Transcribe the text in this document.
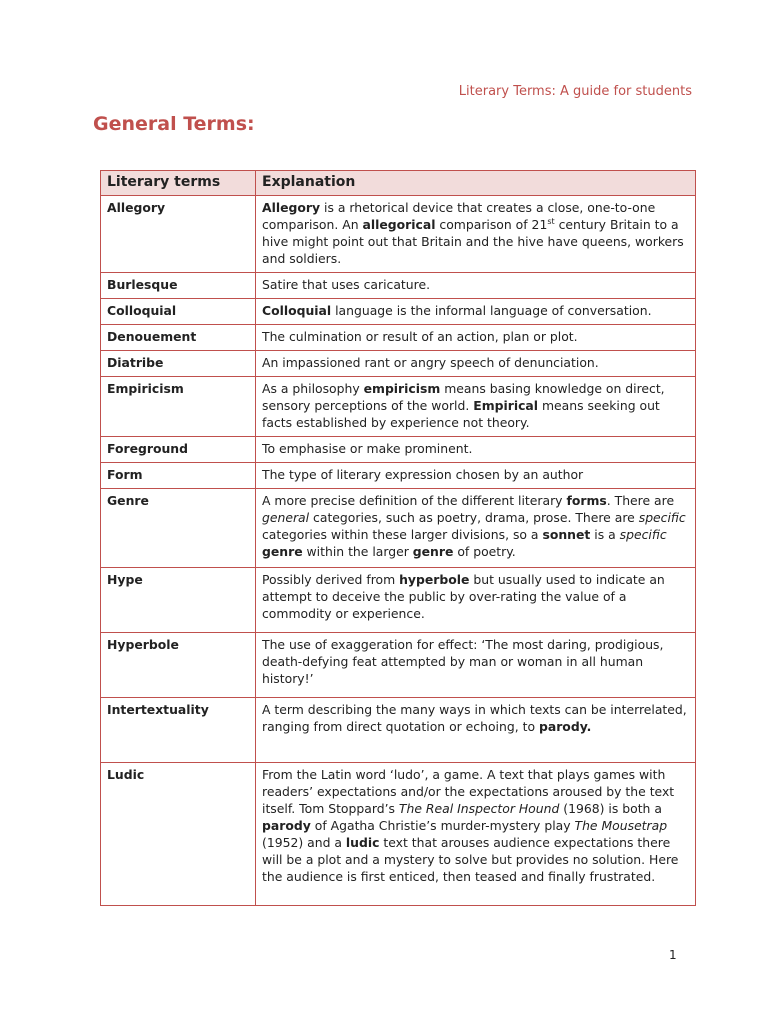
Literary Terms: A guide for students
General Terms:
Literary terms	Explanation
Allegory	Allegory is a rhetorical device that creates a close, one-to-one comparison. An allegorical comparison of 21st century Britain to a hive might point out that Britain and the hive have queens, workers and soldiers.
Burlesque	Satire that uses caricature.
Colloquial	Colloquial language is the informal language of conversation.
Denouement	The culmination or result of an action, plan or plot.
Diatribe	An impassioned rant or angry speech of denunciation.
Empiricism	As a philosophy empiricism means basing knowledge on direct, sensory perceptions of the world. Empirical means seeking out facts established by experience not theory.
Foreground	To emphasise or make prominent.
Form	The type of literary expression chosen by an author
Genre	A more precise definition of the different literary forms. There are general categories, such as poetry, drama, prose. There are specific categories within these larger divisions, so a sonnet is a specific genre within the larger genre of poetry.
Hype	Possibly derived from hyperbole but usually used to indicate an attempt to deceive the public by over-rating the value of a commodity or experience.
Hyperbole	The use of exaggeration for effect: ‘The most daring, prodigious, death-defying feat attempted by man or woman in all human history!’
Intertextuality	A term describing the many ways in which texts can be interrelated, ranging from direct quotation or echoing, to parody.
Ludic	From the Latin word ‘ludo’, a game. A text that plays games with readers’ expectations and/or the expectations aroused by the text itself. Tom Stoppard’s The Real Inspector Hound (1968) is both a parody of Agatha Christie’s murder-mystery play The Mousetrap (1952) and a ludic text that arouses audience expectations there will be a plot and a mystery to solve but provides no solution. Here the audience is first enticed, then teased and finally frustrated.
1
